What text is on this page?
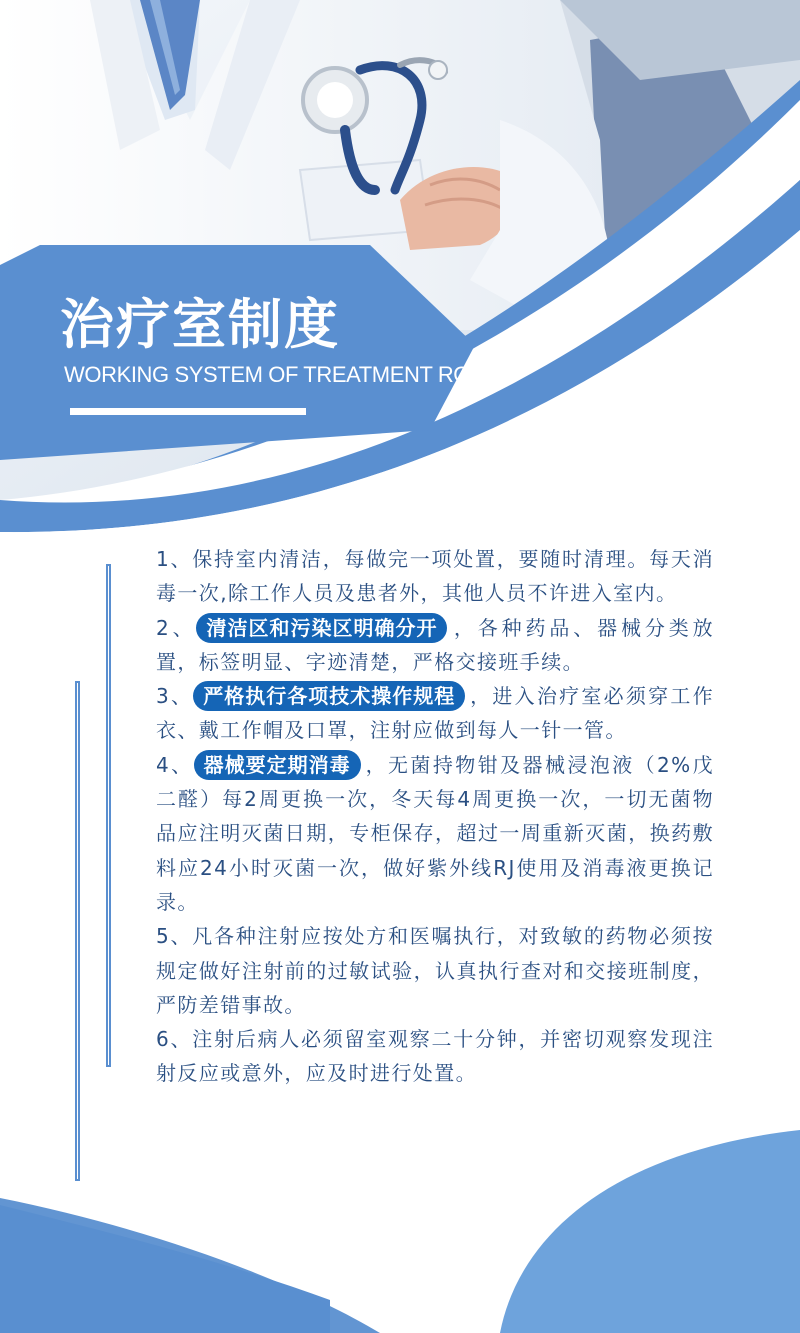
治疗室制度
WORKING SYSTEM OF TREATMENT ROOM

1、保持室内清洁，每做完一项处置，要随时清理。每天消毒一次,除工作人员及患者外，其他人员不许进入室内。

2、 清洁区和污染区明确分开 ，各种药品、器械分类放置，标签明显、字迹清楚，严格交接班手续。

3、 严格执行各项技术操作规程 ，进入治疗室必须穿工作衣、戴工作帽及口罩，注射应做到每人一针一管。

4、 器械要定期消毒 ，无菌持物钳及器械浸泡液（2%戊二醛）每2周更换一次，冬天每4周更换一次，一切无菌物品应注明灭菌日期，专柜保存，超过一周重新灭菌，换药敷料应24小时灭菌一次，做好紫外线RJ使用及消毒液更换记录。

5、凡各种注射应按处方和医嘱执行，对致敏的药物必须按规定做好注射前的过敏试验，认真执行查对和交接班制度，严防差错事故。

6、注射后病人必须留室观察二十分钟，并密切观察发现注射反应或意外，应及时进行处置。
